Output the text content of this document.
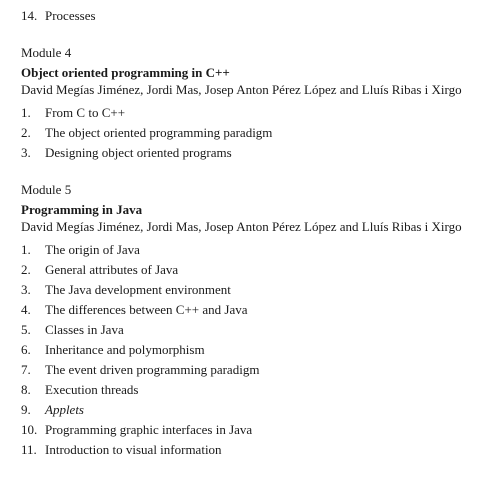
14. Processes
Module 4
Object oriented programming in C++
David Megías Jiménez, Jordi Mas, Josep Anton Pérez López and Lluís Ribas i Xirgo
1.	From C to C++
2.	The object oriented programming paradigm
3.	Designing object oriented programs
Module 5
Programming in Java
David Megías Jiménez, Jordi Mas, Josep Anton Pérez López and Lluís Ribas i Xirgo
1.	The origin of Java
2.	General attributes of Java
3.	The Java development environment
4.	The differences between C++ and Java
5.	Classes in Java
6.	Inheritance and polymorphism
7.	The event driven programming paradigm
8.	Execution threads
9.	Applets
10. Programming graphic interfaces in Java
11. Introduction to visual information
